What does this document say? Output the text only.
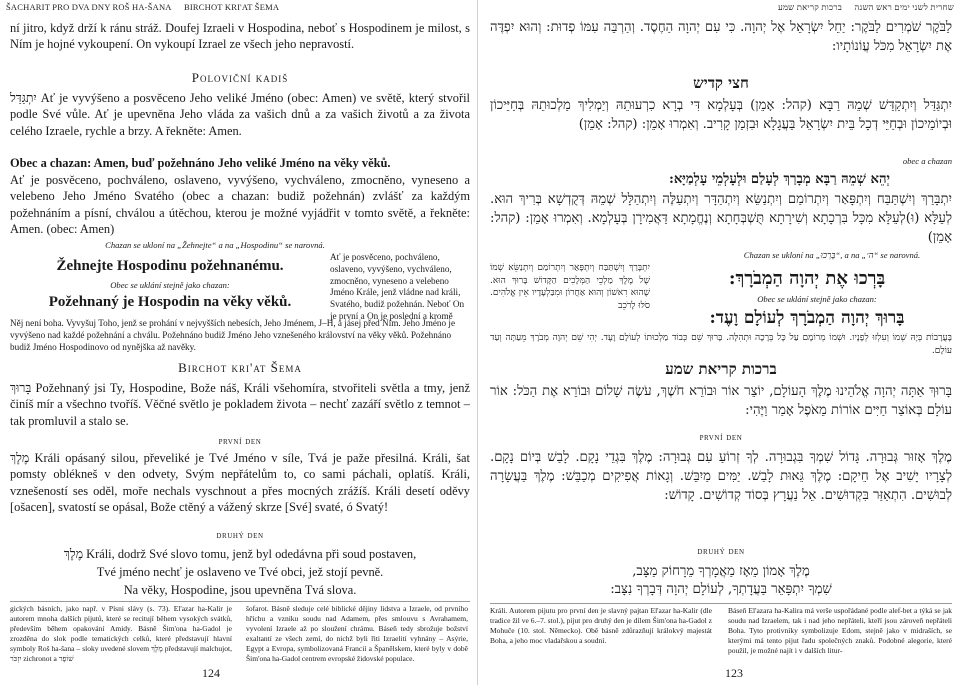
ŠACHARIT PRO DVA DNY ROŠ HA-ŠANA BIRCHOT KRI'AT ŠEMA
ní jitro, když drží k ránu stráž. Doufej Izraeli v Hospodina, neboť s Hospodinem je milost, s Ním je hojné vykoupení. On vykoupí Izrael ze všech jeho nepravostí.
Poloviční kadiš
יִתְגַּדַּל Ať je vyvýšeno a posvěceno Jeho veliké Jméno (obec: Amen) ve světě, který stvořil podle Své vůle. Ať je upevněna Jeho vláda za vašich dnů a za vašich životů a za života celého Izraele, rychle a brzy. A řekněte: Amen.
Obec a chazan: Amen, buď požehnáno Jeho veliké Jméno na věky věků.
Ať je posvěceno, pochváleno, oslaveno, vyvýšeno, vychváleno, zmocněno, vyneseno a velebeno Jeho Jméno Svatého (obec a chazan: budiž požehnán) zvlášť za každým požehnáním a písní, chválou a útěchou, kterou je možné vyjádřit v tomto světě, a řekněte: Amen. (obec: Amen)
Chazan se ukloní na „Žehnejte“ a na „Hospodinu“ se narovná.
Žehnejte Hospodinu požehnanému.
Obec se uklání stejně jako chazan:
Požehnaný je Hospodin na věky věků.
Ať je posvěceno, pochváleno, oslaveno, vyvýšeno, vychváleno, zmocněno, vyneseno a velebeno Jméno Krále, jenž vládne nad králi, Svatého, budiž požehnán. Neboť On je první a On je poslední a kromě
Něj není boha. Vyvyšuj Toho, jenž se prohání v nejvyšších nebesích, Jeho Jménem, J–H, a jásej před Ním. Jeho Jméno je vyvýšeno nad každé požehnání a chválu. Požehnáno budiž Jméno Jeho vznešeného království na věky věků. Požehnáno budiž Jméno Hospodinovo od nynějška až navěky.
Birchot kri'at Šema
בָּרוּךְ Požehnaný jsi Ty, Hospodine, Bože náš, Králi všehomíra, stvořiteli světla a tmy, jenž činíš mír a všechno tvoříš. Věčné světlo je pokladem života – nechť zazáří světlo z temnot – tak promluvil a stalo se.
první den
מֶלֶךְ Králi opásaný silou, převeliké je Tvé Jméno v síle, Tvá je paže přesilná. Králi, šat pomsty oblékneš v den odvety, Svým nepřátelům to, co sami páchali, oplatíš. Králi, vznešeností ses oděl, moře nechals vyschnout a přes mocných zrážíš. Králi desetí oděvy [ošacen], svatostí se opásal, Bože ctěný a vážený skrze [Své] svaté, ó Svatý!
druhý den
מֶלֶךְ Králi, dodrž Své slovo tomu, jenž byl odedávna při soud postaven,
Tvé jméno nechť je oslaveno ve Tvé obci, jež stojí pevně.
Na věky, Hospodine, jsou upevněna Tvá slova.
gických básních, jako např. v Písni slávy (s. 73). El'azar ha-Kalir je autorem mnoha dalších pijutů, které se recitují během vysokých svátků, především během opakování Amidy. Básně Šim'ona ha-Gadol je zrozděna do slok podle tematických celků, které představují hlavní symboly Roš ha-šana – sloky uvedené slovem מֶלֶךְ představují malchujot, יִזְכֹּר zichronot a שׁוֹפָר
šofarot. Básně sleduje celé biblické dějiny lidstva a Izraele, od prvního hříchu a vzniku soudu nad Adamem, přes smlouvu s Avrahamem, vyvolení Izraele až po sloužení chrámu. Báseň tedy sbrožuje božství exaltantí ze všech zemí, do nichž byli řiti Izraeliti vyhnány – Asýrie, Egypt a Evropa, symbolizovaná Francií a Španělskem, které byly v době Šim'ona ha-Gadol centrem evropské židovské populace.
124
שחרית לשני ימים ראש השנה ברכות קריאת שמע
לַבֹּקֶר שֹׁמְרִים לַבֹּקֶר: יַחֵל יִשְׂרָאֵל אֶל יְהוָה. כִּי עִם יְהוָה הַחֶסֶד. וְהַרְבֵּה עִמּוֹ פְדוּת: וְהוּא יִפְדֶּה אֶת יִשְׂרָאֵל מִכֹּל עֲוֹנוֹתָיו:
חצי קדיש
יִתְגַּדַּל וְיִתְקַדַּשׁ שְׁמֵהּ רַבָּא (קהל: אָמֵן) בְּעָלְמָא דִּי בְרָא כִרְעוּתֵהּ וְיַמְלִיךְ מַלְכוּתֵהּ בְּחַיֵּיכוֹן וּבְיוֹמֵיכוֹן וּבְחַיֵּי דְכָל בֵּית יִשְׂרָאֵל בַּעֲגָלָא וּבִזְמַן קָרִיב. וְאִמְרוּ אָמֵן: (קהל: אָמֵן)
obec a chazan
יְהֵא שְׁמֵהּ רַבָּא מְבָרַךְ לְעָלַם וּלְעָלְמֵי עָלְמַיָּא:
יִתְבָּרַךְ וְיִשְׁתַּבַּח וְיִתְפָּאַר וְיִתְרוֹמַם וְיִתְנַשֵּׂא וְיִתְהַדָּר וְיִתְעַלֶּה וְיִתְהַלָּל שְׁמֵהּ דְּקֻדְשָׁא בְּרִיךְ הוּא. לְעֵלָּא (וּ)לְעֵלָּא מִכָּל בִּרְכָתָא וְשִׁירָתָא תֻּשְׁבְּחָתָא וְנֶחֱמָתָא דַּאֲמִירָן בְּעָלְמָא. וְאִמְרוּ אָמֵן: (קהל: אָמֵן)
Chazan se ukloní na „בָּרְכוּ“, a na „ה׳“ se narovná.
בָּרְכוּ אֶת יְהוָה הַמְבֹרָךְ:
Obec se uklání stejně jako chazan:
בָּרוּךְ יְהוָה הַמְבֹרָךְ לְעוֹלָם וָעֶד:
יִתְבָּרַךְ וְיִשְׁתַּבַּח וְיִתְפָּאַר וְיִתְרוֹמַם וְיִתְנַשֵּׂא שְׁמוֹ שֶׁל מֶלֶךְ מַלְכֵי הַמְּלָכִים הַקָּדוֹשׁ בָּרוּךְ הוּא. שֶׁהוּא רִאשׁוֹן וְהוּא אַחֲרוֹן וּמִבַּלְעָדָיו אֵין אֱלֹהִים. סֹלּוּ לָרֹכֵב
בָּעֲרָבוֹת בְּיָהּ שְׁמוֹ וְעִלְזוּ לְפָנָיו. וּשְׁמוֹ מְרוֹמָם עַל כָּל בְּרָכָה וּתְהִלָּה. בָּרוּךְ שֵׁם כְּבוֹד מַלְכוּתוֹ לְעוֹלָם וָעֶד. יְהִי שֵׁם יְהוָה מְבֹרָךְ מֵעַתָּה וְעַד עוֹלָם.
ברכות קריאת שמע
בָּרוּךְ אַתָּה יְהוָה אֱלֹהֵינוּ מֶלֶךְ הָעוֹלָם, יוֹצֵר אוֹר וּבוֹרֵא חֹשֶׁךְ, עֹשֶׂה שָׁלוֹם וּבוֹרֵא אֶת הַכֹּל: אוֹר עוֹלָם בְּאוֹצַר חַיִּים אוֹרוֹת מֵאֹפֶל אָמַר וַיֶּהִי:
první den
מֶלֶךְ אָזוּר גְּבוּרָה. גָּדוֹל שִׁמְךָ בִּגְבוּרָה. לְךָ זְרוֹעַ עִם גְּבוּרָה: מֶלֶךְ בִּגְדֵי נָקָם. לָבַשׁ בְּיוֹם נָקָם. לְצָרָיו יָשִׁיב אֶל חֵיקָם: מֶלֶךְ גֵּאוּת לָבַשׁ. יַמִּים מַיִבֵּשׁ. וְגָאוֹת אֲפִיקִים מְכַבֵּשׁ: מֶלֶךְ בַּעֲשָׂרָה לְבוּשִׁים. הִתְאַזַּר בִּקְדוּשִׁים. אֵל נַעֲרָץ בְּסוֹד קְדוֹשִׁים. קָדוֹשׁ:
druhý den
מֶלֶךְ אָמוֹן מֵאָז מַאֲמָרְךָ מֵרָחוֹק מַצָּב,
שִׁמְךָ יִתְפָּאֵר בַּעֲדָתְךָ, לְעוֹלָם יְהוָה דְּבָרְךָ נִצָּב:
Králi. Autorem pijutu pro první den je slavný pajtan El'azar ha-Kalir (dle tradice žil ve 6.–7. stol.), pijut pro druhý den je dílem Šim'ona ha-Gadol z Mohuče (10. stol. Německo). Obě básně zdůrazňují králokvý majestát Boha, a jeho moc vladařskou a soudní.
Báseň El'azara ha-Kalira má verše uspořádané podle alef-bet a týká se jak soudu nad Izraelem, tak i nad jeho nepřáteli, kteří jsou zároveň nepřáteli Boha. Tyto protivníky symbolizuje Edom, stejně jako v midraších, se kterými má tento pijut řadu společných znaků. Podobné alegorie, které použil, je možné najít i v dalších litur-
123
